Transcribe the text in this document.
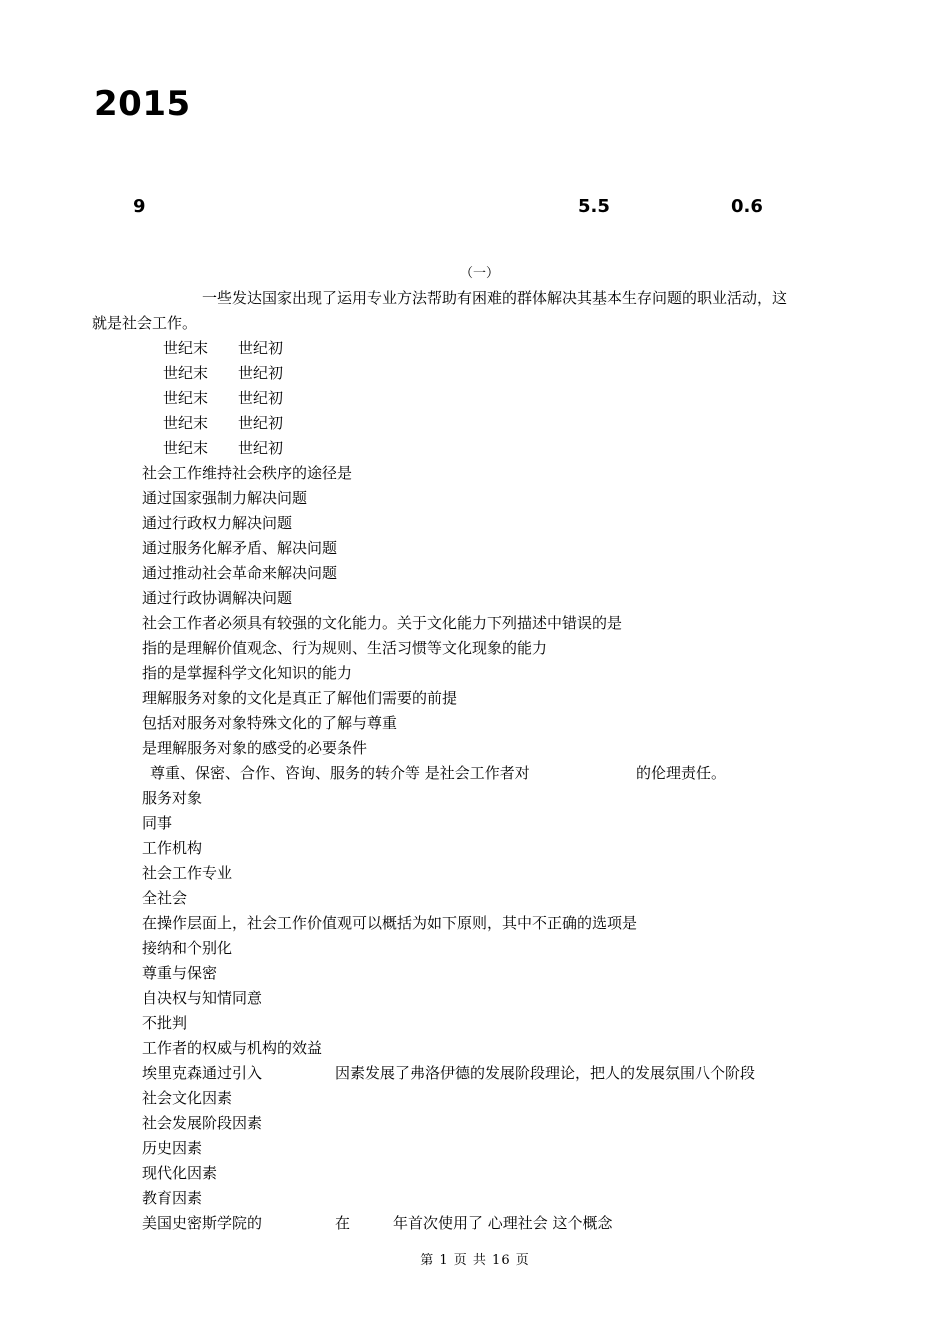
2015
9	5.5	0.6
（一）
一些发达国家出现了运用专业方法帮助有困难的群体解决其基本生存问题的职业活动，这
就是社会工作。
世纪末 世纪初
世纪末 世纪初
世纪末 世纪初
世纪末 世纪初
世纪末 世纪初
社会工作维持社会秩序的途径是
通过国家强制力解决问题
通过行政权力解决问题
通过服务化解矛盾、解决问题
通过推动社会革命来解决问题
通过行政协调解决问题
社会工作者必须具有较强的文化能力。关于文化能力下列描述中错误的是
指的是理解价值观念、行为规则、生活习惯等文化现象的能力
指的是掌握科学文化知识的能力
理解服务对象的文化是真正了解他们需要的前提
包括对服务对象特殊文化的了解与尊重
是理解服务对象的感受的必要条件
尊重、保密、合作、咨询、服务的转介等 是社会工作者对	的伦理责任。
服务对象
同事
工作机构
社会工作专业
全社会
在操作层面上，社会工作价值观可以概括为如下原则，其中不正确的选项是
接纳和个别化
尊重与保密
自决权与知情同意
不批判
工作者的权威与机构的效益
埃里克森通过引入	因素发展了弗洛伊德的发展阶段理论，把人的发展氛围八个阶段
社会文化因素
社会发展阶段因素
历史因素
现代化因素
教育因素
美国史密斯学院的	在	年首次使用了 心理社会 这个概念
第 1 页 共 16 页
